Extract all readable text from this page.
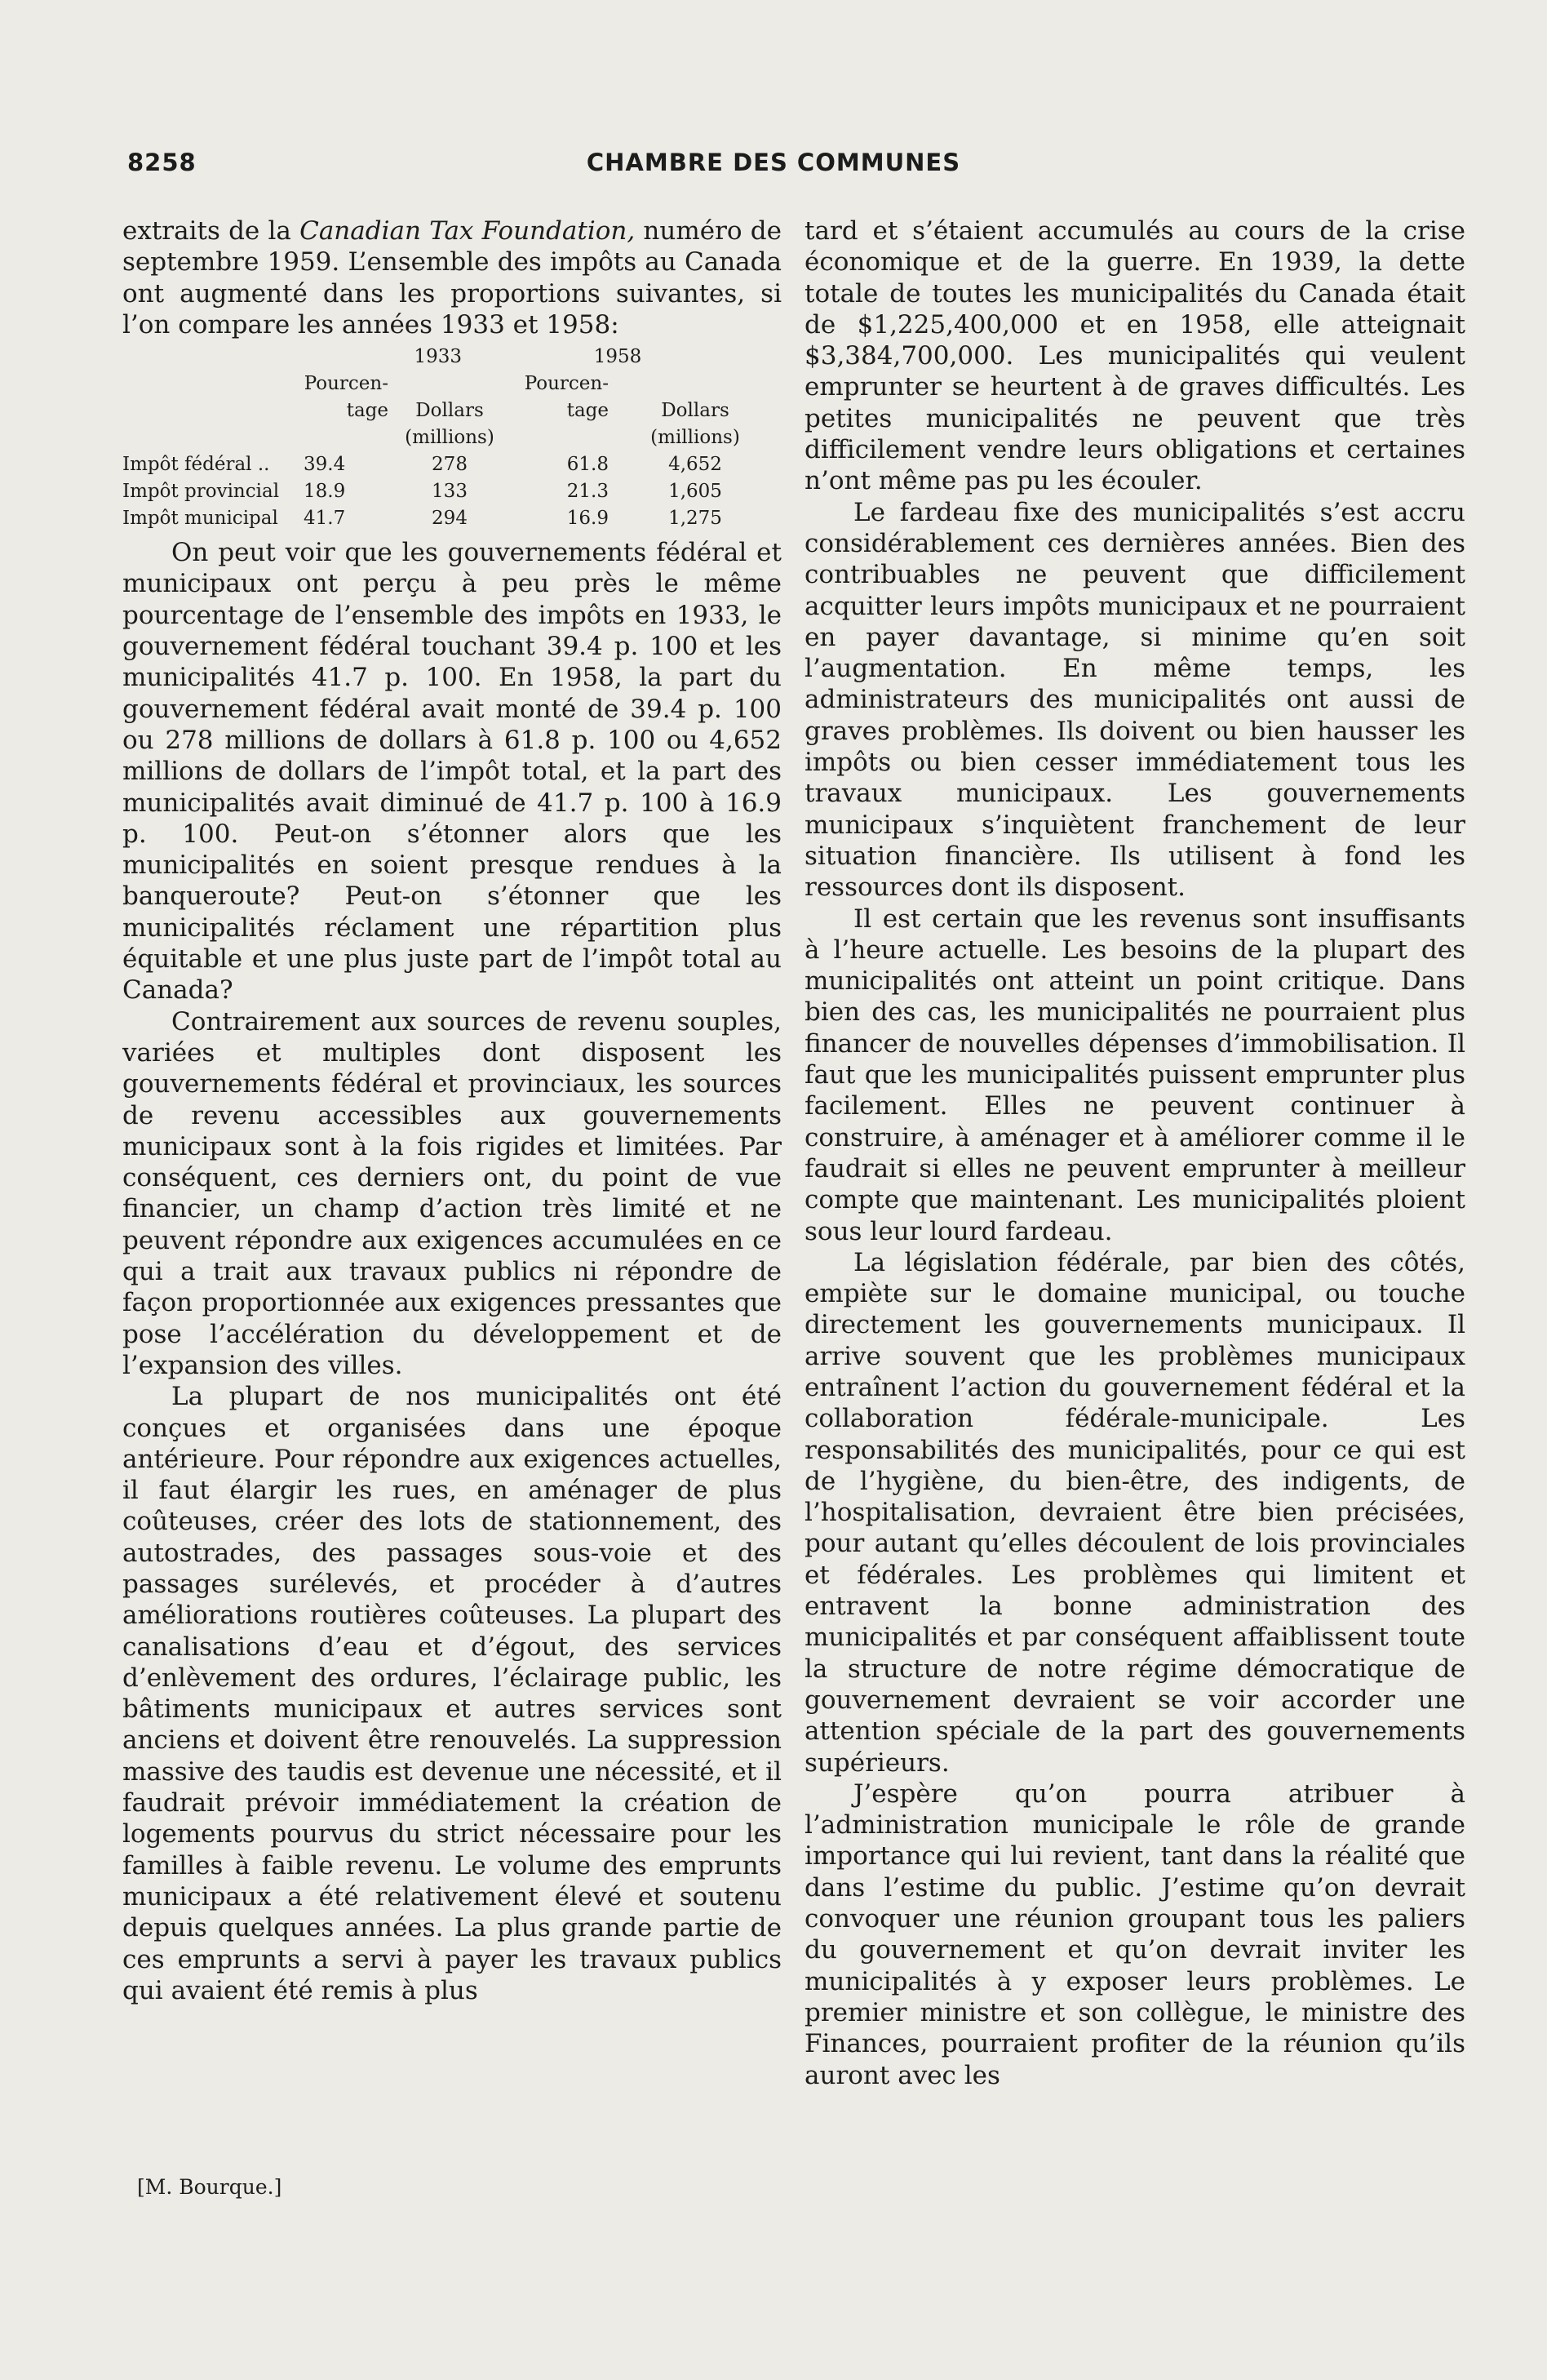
8258	CHAMBRE DES COMMUNES

extraits de la Canadian Tax Foundation, numéro de septembre 1959. L’ensemble des impôts au Canada ont augmenté dans les proportions suivantes, si l’on compare les années 1933 et 1958:

	1933		1958	
	Pourcen-		Pourcen-	
	tage	Dollars	tage	Dollars
		(millions)		(millions)
Impôt fédéral ..	39.4	278	61.8	4,652
Impôt provincial	18.9	133	21.3	1,605
Impôt municipal	41.7	294	16.9	1,275

On peut voir que les gouvernements fédéral et municipaux ont perçu à peu près le même pourcentage de l’ensemble des impôts en 1933, le gouvernement fédéral touchant 39.4 p. 100 et les municipalités 41.7 p. 100. En 1958, la part du gouvernement fédéral avait monté de 39.4 p. 100 ou 278 millions de dollars à 61.8 p. 100 ou 4,652 millions de dollars de l’impôt total, et la part des municipalités avait diminué de 41.7 p. 100 à 16.9 p. 100. Peut-on s’étonner alors que les municipalités en soient presque rendues à la banqueroute? Peut-on s’étonner que les municipalités réclament une répartition plus équitable et une plus juste part de l’impôt total au Canada?

Contrairement aux sources de revenu souples, variées et multiples dont disposent les gouvernements fédéral et provinciaux, les sources de revenu accessibles aux gouvernements municipaux sont à la fois rigides et limitées. Par conséquent, ces derniers ont, du point de vue financier, un champ d’action très limité et ne peuvent répondre aux exigences accumulées en ce qui a trait aux travaux publics ni répondre de façon proportionnée aux exigences pressantes que pose l’accélération du développement et de l’expansion des villes.

La plupart de nos municipalités ont été conçues et organisées dans une époque antérieure. Pour répondre aux exigences actuelles, il faut élargir les rues, en aménager de plus coûteuses, créer des lots de stationnement, des autostrades, des passages sous-voie et des passages surélevés, et procéder à d’autres améliorations routières coûteuses. La plupart des canalisations d’eau et d’égout, des services d’enlèvement des ordures, l’éclairage public, les bâtiments municipaux et autres services sont anciens et doivent être renouvelés. La suppression massive des taudis est devenue une nécessité, et il faudrait prévoir immédiatement la création de logements pourvus du strict nécessaire pour les familles à faible revenu. Le volume des emprunts municipaux a été relativement élevé et soutenu depuis quelques années. La plus grande partie de ces emprunts a servi à payer les travaux publics qui avaient été remis à plus

tard et s’étaient accumulés au cours de la crise économique et de la guerre. En 1939, la dette totale de toutes les municipalités du Canada était de $1,225,400,000 et en 1958, elle atteignait $3,384,700,000. Les municipalités qui veulent emprunter se heurtent à de graves difficultés. Les petites municipalités ne peuvent que très difficilement vendre leurs obligations et certaines n’ont même pas pu les écouler.

Le fardeau fixe des municipalités s’est accru considérablement ces dernières années. Bien des contribuables ne peuvent que difficilement acquitter leurs impôts municipaux et ne pourraient en payer davantage, si minime qu’en soit l’augmentation. En même temps, les administrateurs des municipalités ont aussi de graves problèmes. Ils doivent ou bien hausser les impôts ou bien cesser immédiatement tous les travaux municipaux. Les gouvernements municipaux s’inquiètent franchement de leur situation financière. Ils utilisent à fond les ressources dont ils disposent.

Il est certain que les revenus sont insuffisants à l’heure actuelle. Les besoins de la plupart des municipalités ont atteint un point critique. Dans bien des cas, les municipalités ne pourraient plus financer de nouvelles dépenses d’immobilisation. Il faut que les municipalités puissent emprunter plus facilement. Elles ne peuvent continuer à construire, à aménager et à améliorer comme il le faudrait si elles ne peuvent emprunter à meilleur compte que maintenant. Les municipalités ploient sous leur lourd fardeau.

La législation fédérale, par bien des côtés, empiète sur le domaine municipal, ou touche directement les gouvernements municipaux. Il arrive souvent que les problèmes municipaux entraînent l’action du gouvernement fédéral et la collaboration fédérale-municipale. Les responsabilités des municipalités, pour ce qui est de l’hygiène, du bien-être, des indigents, de l’hospitalisation, devraient être bien précisées, pour autant qu’elles découlent de lois provinciales et fédérales. Les problèmes qui limitent et entravent la bonne administration des municipalités et par conséquent affaiblissent toute la structure de notre régime démocratique de gouvernement devraient se voir accorder une attention spéciale de la part des gouvernements supérieurs.

J’espère qu’on pourra atribuer à l’administration municipale le rôle de grande importance qui lui revient, tant dans la réalité que dans l’estime du public. J’estime qu’on devrait convoquer une réunion groupant tous les paliers du gouvernement et qu’on devrait inviter les municipalités à y exposer leurs problèmes. Le premier ministre et son collègue, le ministre des Finances, pourraient profiter de la réunion qu’ils auront avec les

[M. Bourque.]
